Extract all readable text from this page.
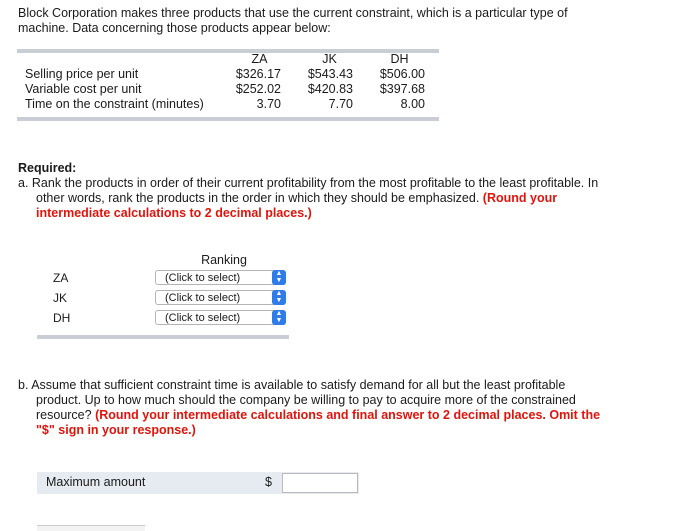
Block Corporation makes three products that use the current constraint, which is a particular type of
machine. Data concerning those products appear below:
ZA	JK	DH
Selling price per unit	$326.17	$543.43	$506.00
Variable cost per unit	$252.02	$420.83	$397.68
Time on the constraint (minutes)	3.70	7.70	8.00
Required:
a. Rank the products in order of their current profitability from the most profitable to the least profitable. In
other words, rank the products in the order in which they should be emphasized. (Round your
intermediate calculations to 2 decimal places.)
Ranking
ZA	(Click to select)	▲
▼
JK	(Click to select)	▲
▼
DH	(Click to select)	▲
▼
b. Assume that sufficient constraint time is available to satisfy demand for all but the least profitable
product. Up to how much should the company be willing to pay to acquire more of the constrained
resource? (Round your intermediate calculations and final answer to 2 decimal places. Omit the
"$" sign in your response.)
Maximum amount	$
